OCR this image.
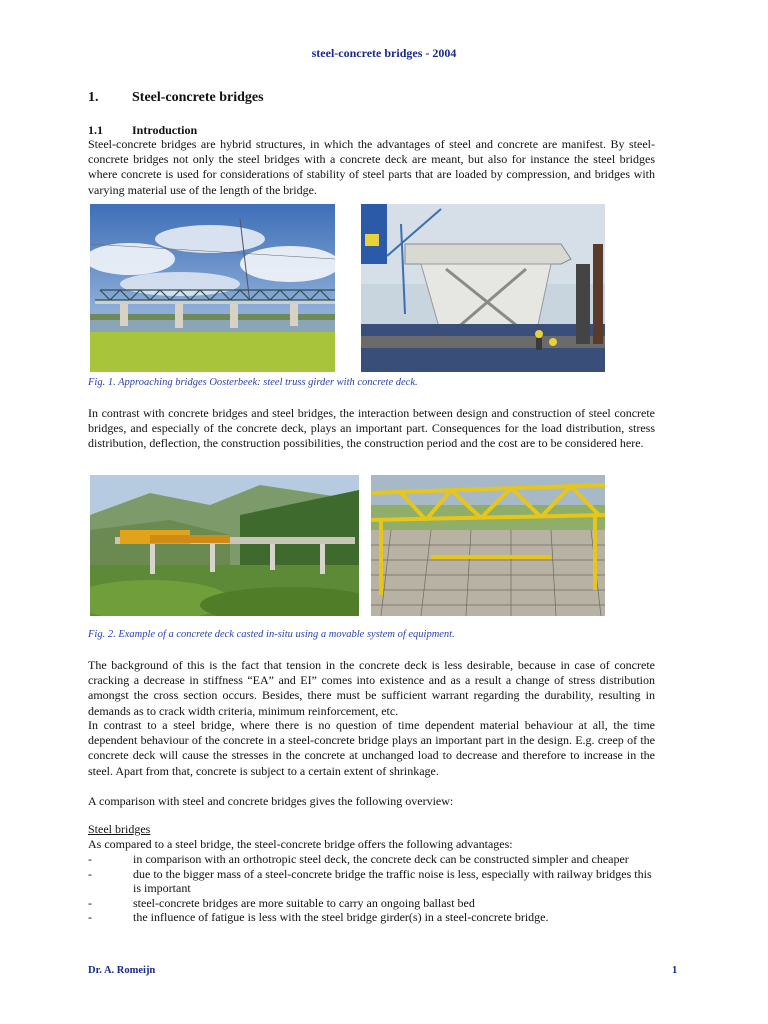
steel-concrete bridges - 2004
1. Steel-concrete bridges
1.1 Introduction
Steel-concrete bridges are hybrid structures, in which the advantages of steel and concrete are manifest. By steel-concrete bridges not only the steel bridges with a concrete deck are meant, but also for instance the steel bridges where concrete is used for considerations of stability of steel parts that are loaded by compression, and bridges with varying material use of the length of the bridge.
Fig. 1. Approaching bridges Oosterbeek: steel truss girder with concrete deck.
In contrast with concrete bridges and steel bridges, the interaction between design and construction of steel concrete bridges, and especially of the concrete deck, plays an important part. Consequences for the load distribution, stress distribution, deflection, the construction possibilities, the construction period and the cost are to be considered here.
Fig. 2. Example of a concrete deck casted in-situ using a movable system of equipment.
The background of this is the fact that tension in the concrete deck is less desirable, because in case of concrete cracking a decrease in stiffness “EA” and EI” comes into existence and as a result a change of stress distribution amongst the cross section occurs. Besides, there must be sufficient warrant regarding the durability, resulting in demands as to crack width criteria, minimum reinforcement, etc.
In contrast to a steel bridge, where there is no question of time dependent material behaviour at all, the time dependent behaviour of the concrete in a steel-concrete bridge plays an important part in the design. E.g. creep of the concrete deck will cause the stresses in the concrete at unchanged load to decrease and therefore to increase in the steel. Apart from that, concrete is subject to a certain extent of shrinkage.
A comparison with steel and concrete bridges gives the following overview:
Steel bridges
As compared to a steel bridge, the steel-concrete bridge offers the following advantages:
-	in comparison with an orthotropic steel deck, the concrete deck can be constructed simpler and cheaper
-	due to the bigger mass of a steel-concrete bridge the traffic noise is less, especially with railway bridges this is important
-	steel-concrete bridges are more suitable to carry an ongoing ballast bed
-	the influence of fatigue is less with the steel bridge girder(s) in a steel-concrete bridge.
Dr. A. Romeijn	1
